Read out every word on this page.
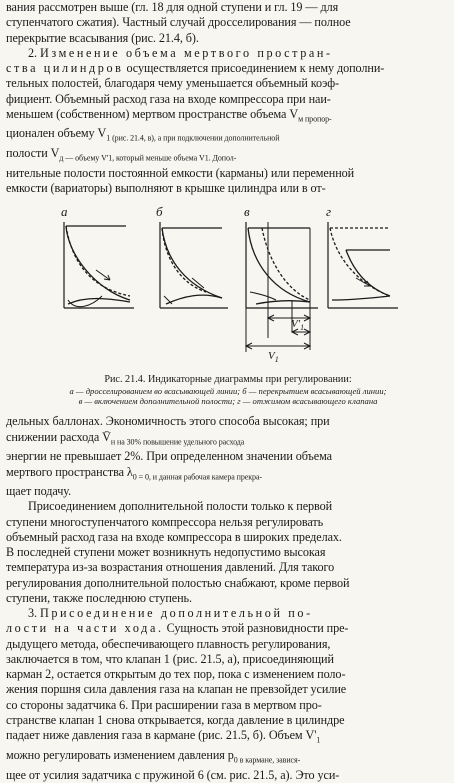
вания рассмотрен выше (гл. 18 для одной ступени и гл. 19 — для
ступенчатого сжатия). Частный случай дросселирования — полное
перекрытие всасывания (рис. 21.4, б).

2. Изменение объема мертвого простран-
ства цилиндров осуществляется присоединением к нему дополни-
тельных полостей, благодаря чему уменьшается объемный коэф-
фициент. Объемный расход газа на входе компрессора при наи-
меньшем (собственном) мертвом пространстве объема $V_{м пропор-}$
ционален объему $V_{1 (рис. 21.4, в), а при подключении дополнительной}$
полости $V_{д — объему V'1, который меньше объема V1. Допол-}$
нительные полости постоянной емкости (карманы) или переменной
емкости (вариаторы) выполняют в крышке цилиндра или в от-

а	б	в	г
$V'_1$
$V_1$

Рис. 21.4. Индикаторные диаграммы при регулировании:

а — дросселированием во всасывающей линии; б — перекрытием всасывающей линии;

в — включением дополнительной полости; г — отжимом всасывающего клапана

дельных баллонах. Экономичность этого способа высокая; при
снижении расхода $V̄_{н на 30\% повышение удельного расхода}$
энергии не превышает 2%. При определенном значении объема
мертвого пространства $\lambda_{0 = 0, и данная рабочая камера прекра-}$
щает подачу.

Присоединением дополнительной полости только к первой
ступени многоступенчатого компрессора нельзя регулировать
объемный расход газа на входе компрессора в широких пределах.
В последней ступени может возникнуть недопустимо высокая
температура из-за возрастания отношения давлений. Для такого
регулирования дополнительной полостью снабжают, кроме первой
ступени, также последнюю ступень.

3. Присоединение дополнительной по-
лости на части хода. Сущность этой разновидности пре-
дыдущего метода, обеспечивающего плавность регулирования,
заключается в том, что клапан 1 (рис. 21.5, а), присоединяющий
карман 2, остается открытым до тех пор, пока с изменением поло-
жения поршня сила давления газа на клапан не превзойдет усилие
со стороны задатчика 6. При расширении газа в мертвом про-
странстве клапан 1 снова открывается, когда давление в цилиндре
падает ниже давления газа в кармане (рис. 21.5, б). Объем $V'_1$
можно регулировать изменением давления $p_{0 в кармане, завися-}$
щее от усилия задатчика с пружиной 6 (см. рис. 21.5, а). Это уси-
